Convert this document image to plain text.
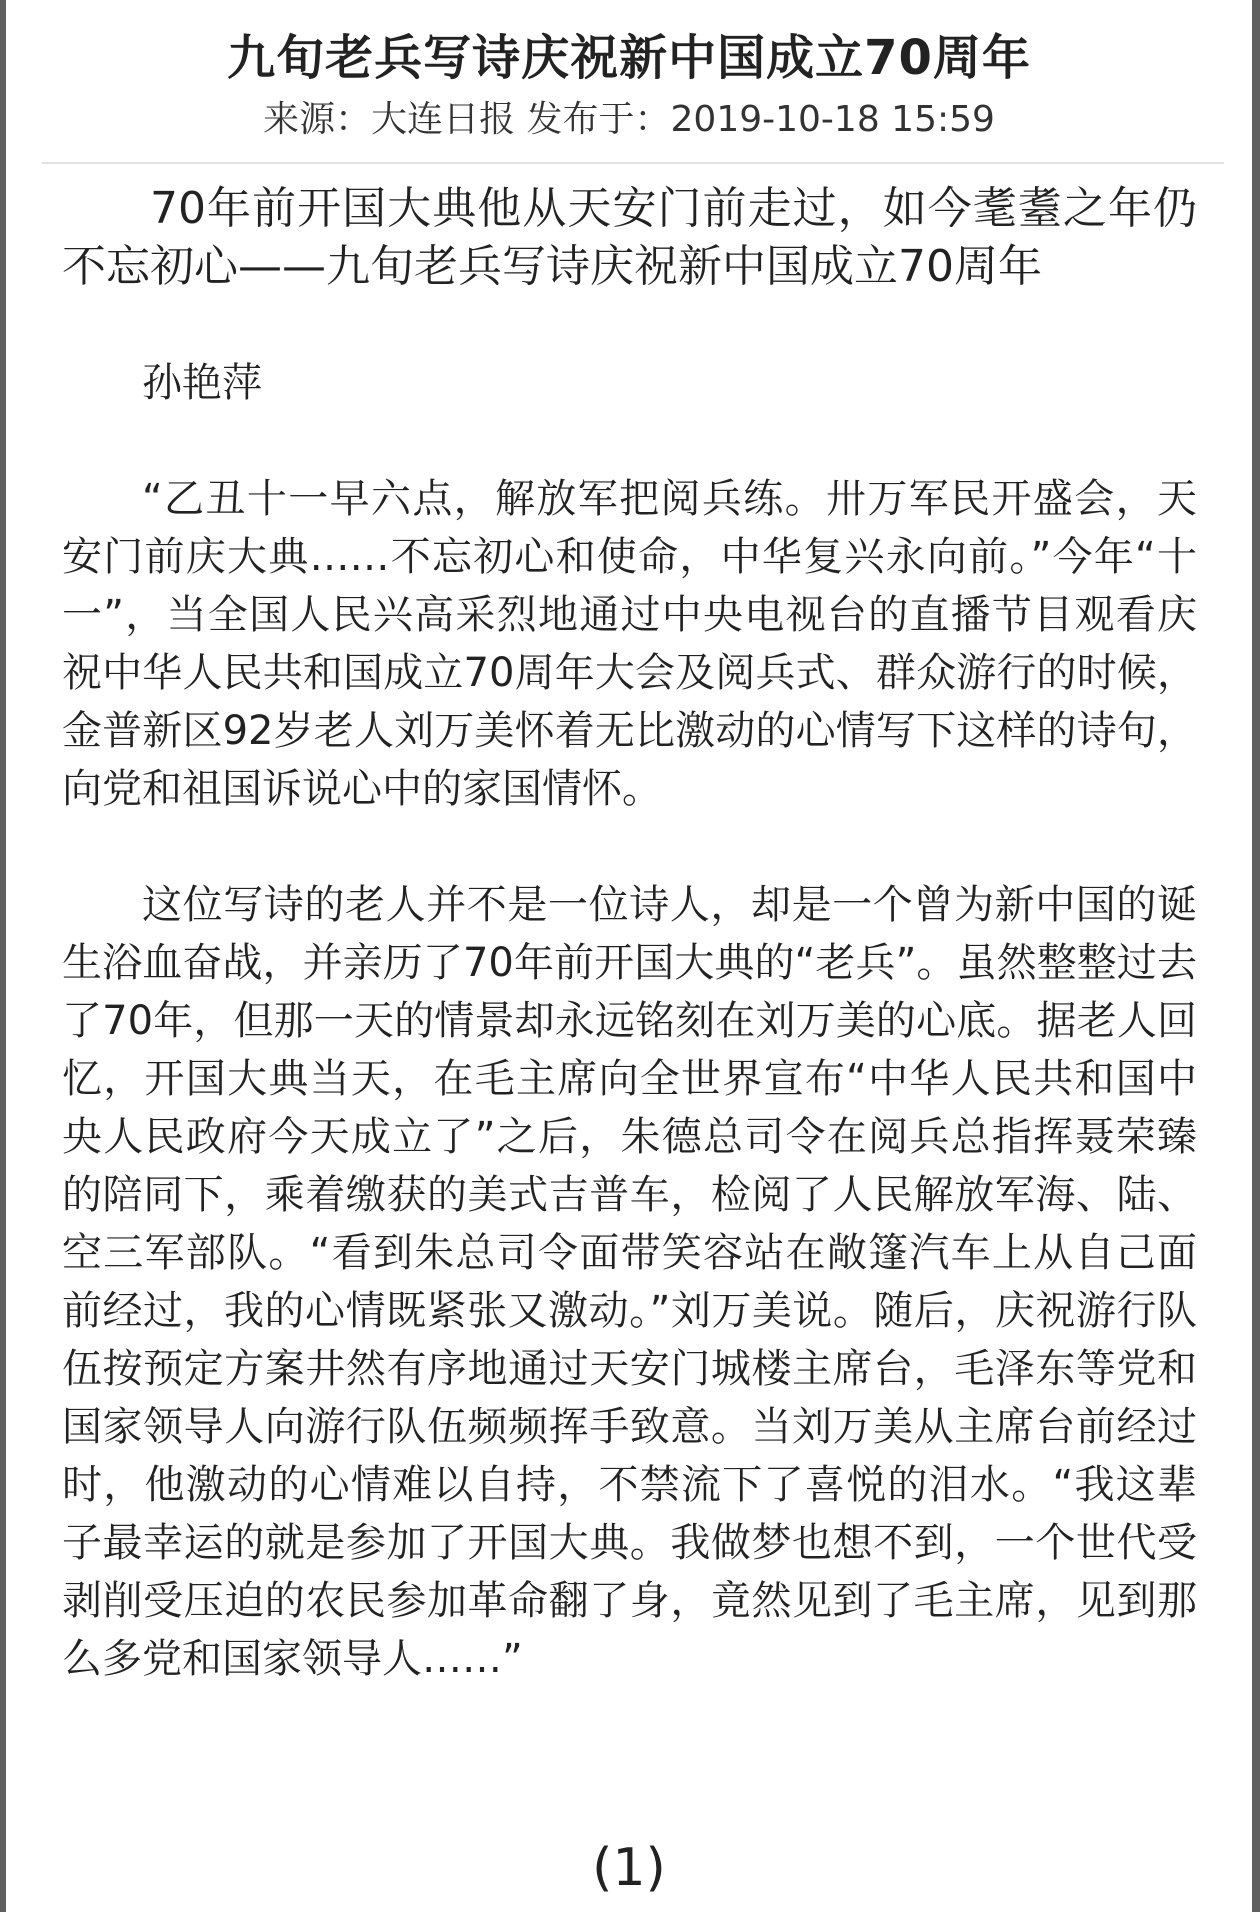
九旬老兵写诗庆祝新中国成立70周年
来源：大连日报 发布于：2019-10-18 15:59

70年前开国大典他从天安门前走过，如今耄耋之年仍不忘初心——九旬老兵写诗庆祝新中国成立70周年

孙艳萍

“乙丑十一早六点，解放军把阅兵练。卅万军民开盛会，天安门前庆大典……不忘初心和使命，中华复兴永向前。”今年“十一”，当全国人民兴高采烈地通过中央电视台的直播节目观看庆祝中华人民共和国成立70周年大会及阅兵式、群众游行的时候，金普新区92岁老人刘万美怀着无比激动的心情写下这样的诗句，向党和祖国诉说心中的家国情怀。

这位写诗的老人并不是一位诗人，却是一个曾为新中国的诞生浴血奋战，并亲历了70年前开国大典的“老兵”。虽然整整过去了70年，但那一天的情景却永远铭刻在刘万美的心底。据老人回忆，开国大典当天，在毛主席向全世界宣布“中华人民共和国中央人民政府今天成立了”之后，朱德总司令在阅兵总指挥聂荣臻的陪同下，乘着缴获的美式吉普车，检阅了人民解放军海、陆、空三军部队。“看到朱总司令面带笑容站在敞篷汽车上从自己面前经过，我的心情既紧张又激动。”刘万美说。随后，庆祝游行队伍按预定方案井然有序地通过天安门城楼主席台，毛泽东等党和国家领导人向游行队伍频频挥手致意。当刘万美从主席台前经过时，他激动的心情难以自持，不禁流下了喜悦的泪水。“我这辈子最幸运的就是参加了开国大典。我做梦也想不到，一个世代受剥削受压迫的农民参加革命翻了身，竟然见到了毛主席，见到那么多党和国家领导人……”

(1)
